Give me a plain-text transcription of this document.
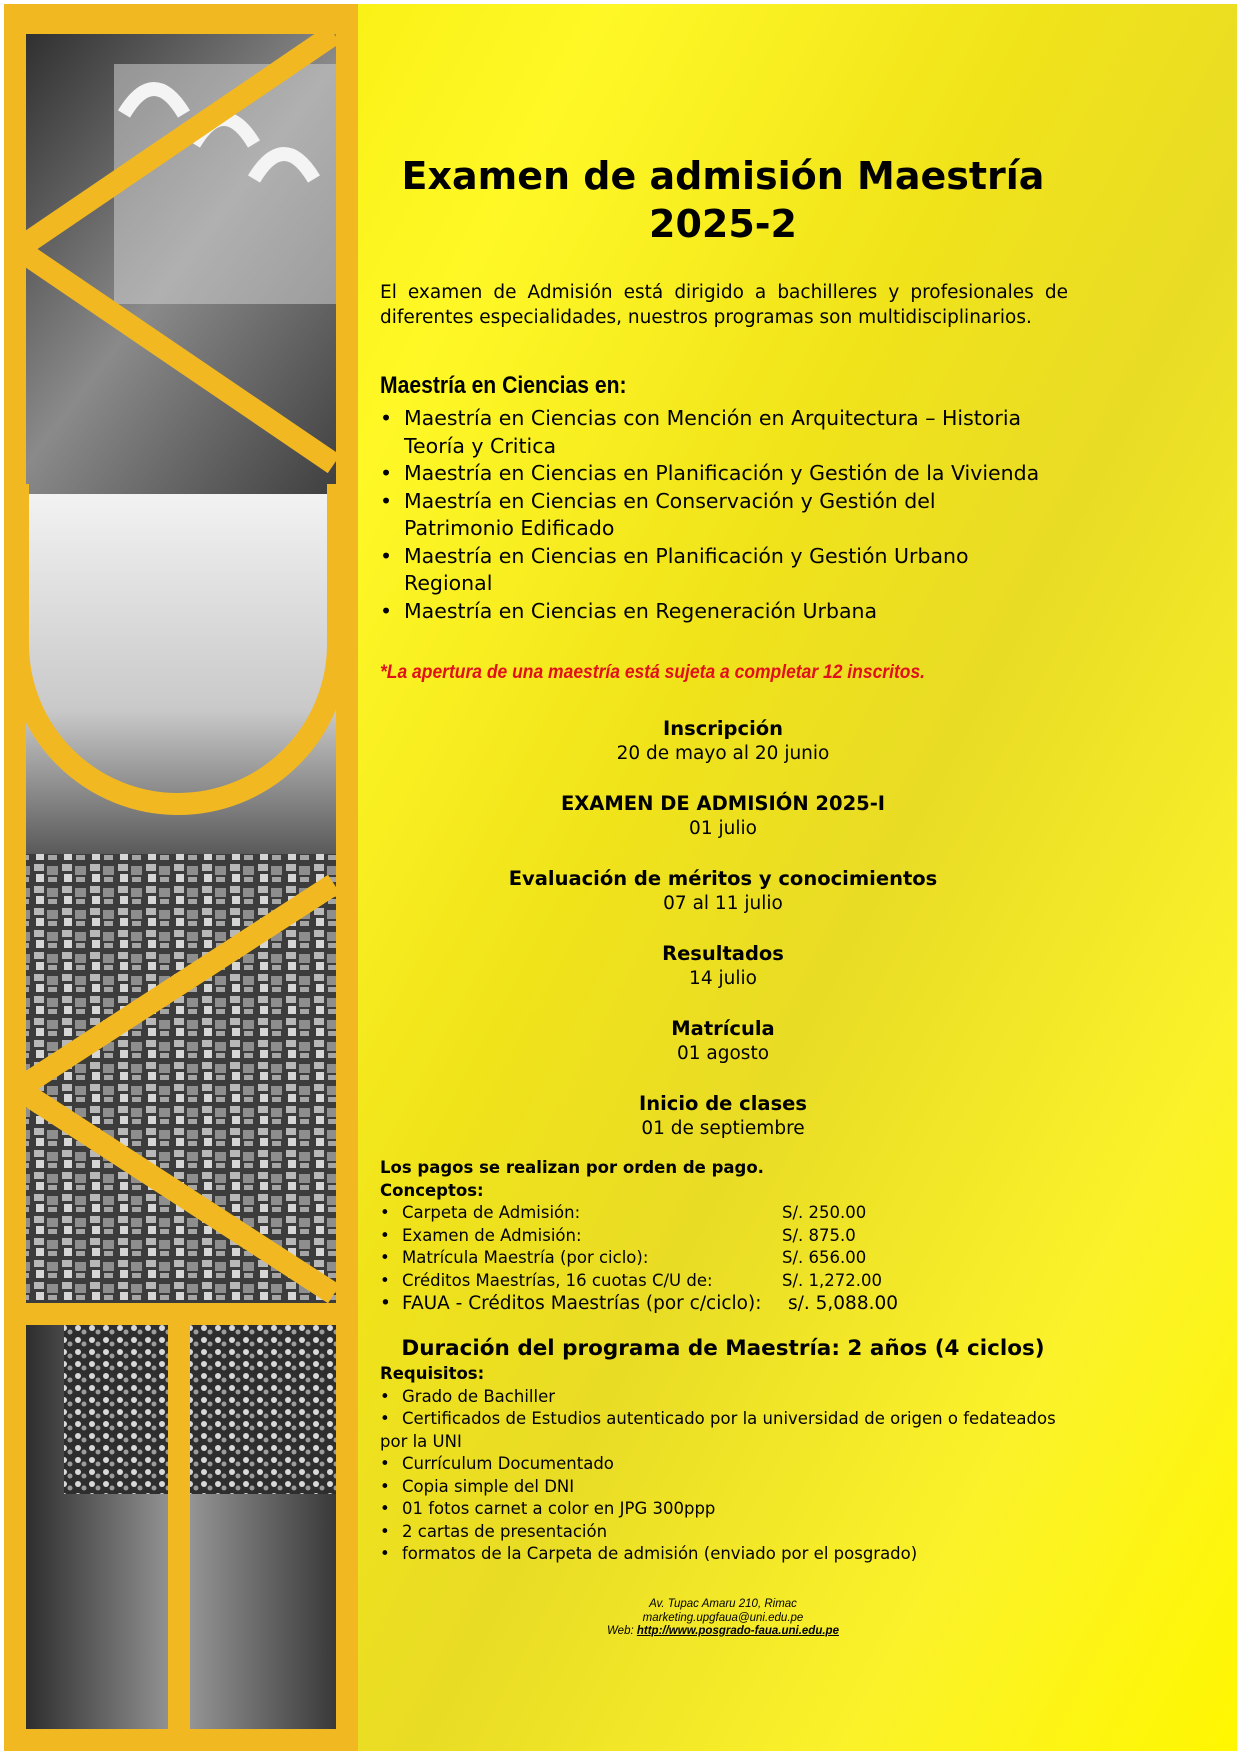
Examen de admisión Maestría
2025-2
El examen de Admisión está dirigido a bachilleres y profesionales de diferentes especialidades, nuestros programas son multidisciplinarios.
Maestría en Ciencias en:
• Maestría en Ciencias con Mención en Arquitectura – Historia Teoría y Critica
• Maestría en Ciencias en Planificación y Gestión de la Vivienda
• Maestría en Ciencias en Conservación y Gestión del Patrimonio Edificado
• Maestría en Ciencias en Planificación y Gestión Urbano Regional
• Maestría en Ciencias en Regeneración Urbana
*La apertura de una maestría está sujeta a completar 12 inscritos.
Inscripción
20 de mayo al 20 junio
EXAMEN DE ADMISIÓN 2025-I
01 julio
Evaluación de méritos y conocimientos
07 al 11 julio
Resultados
14 julio
Matrícula
01 agosto
Inicio de clases
01 de septiembre
Los pagos se realizan por orden de pago.
Conceptos:
• Carpeta de Admisión:	S/. 250.00
• Examen de Admisión:	S/. 875.0
• Matrícula Maestría (por ciclo):	S/. 656.00
• Créditos Maestrías, 16 cuotas C/U de:	S/. 1,272.00
• FAUA - Créditos Maestrías (por c/ciclo): s/. 5,088.00
Duración del programa de Maestría: 2 años (4 ciclos)
Requisitos:
• Grado de Bachiller
• Certificados de Estudios autenticado por la universidad de origen o fedateados por la UNI
• Currículum Documentado
• Copia simple del DNI
• 01 fotos carnet a color en JPG 300ppp
• 2 cartas de presentación
• formatos de la Carpeta de admisión (enviado por el posgrado)
Av. Tupac Amaru 210, Rimac
marketing.upgfaua@uni.edu.pe
Web: http://www.posgrado-faua.uni.edu.pe
